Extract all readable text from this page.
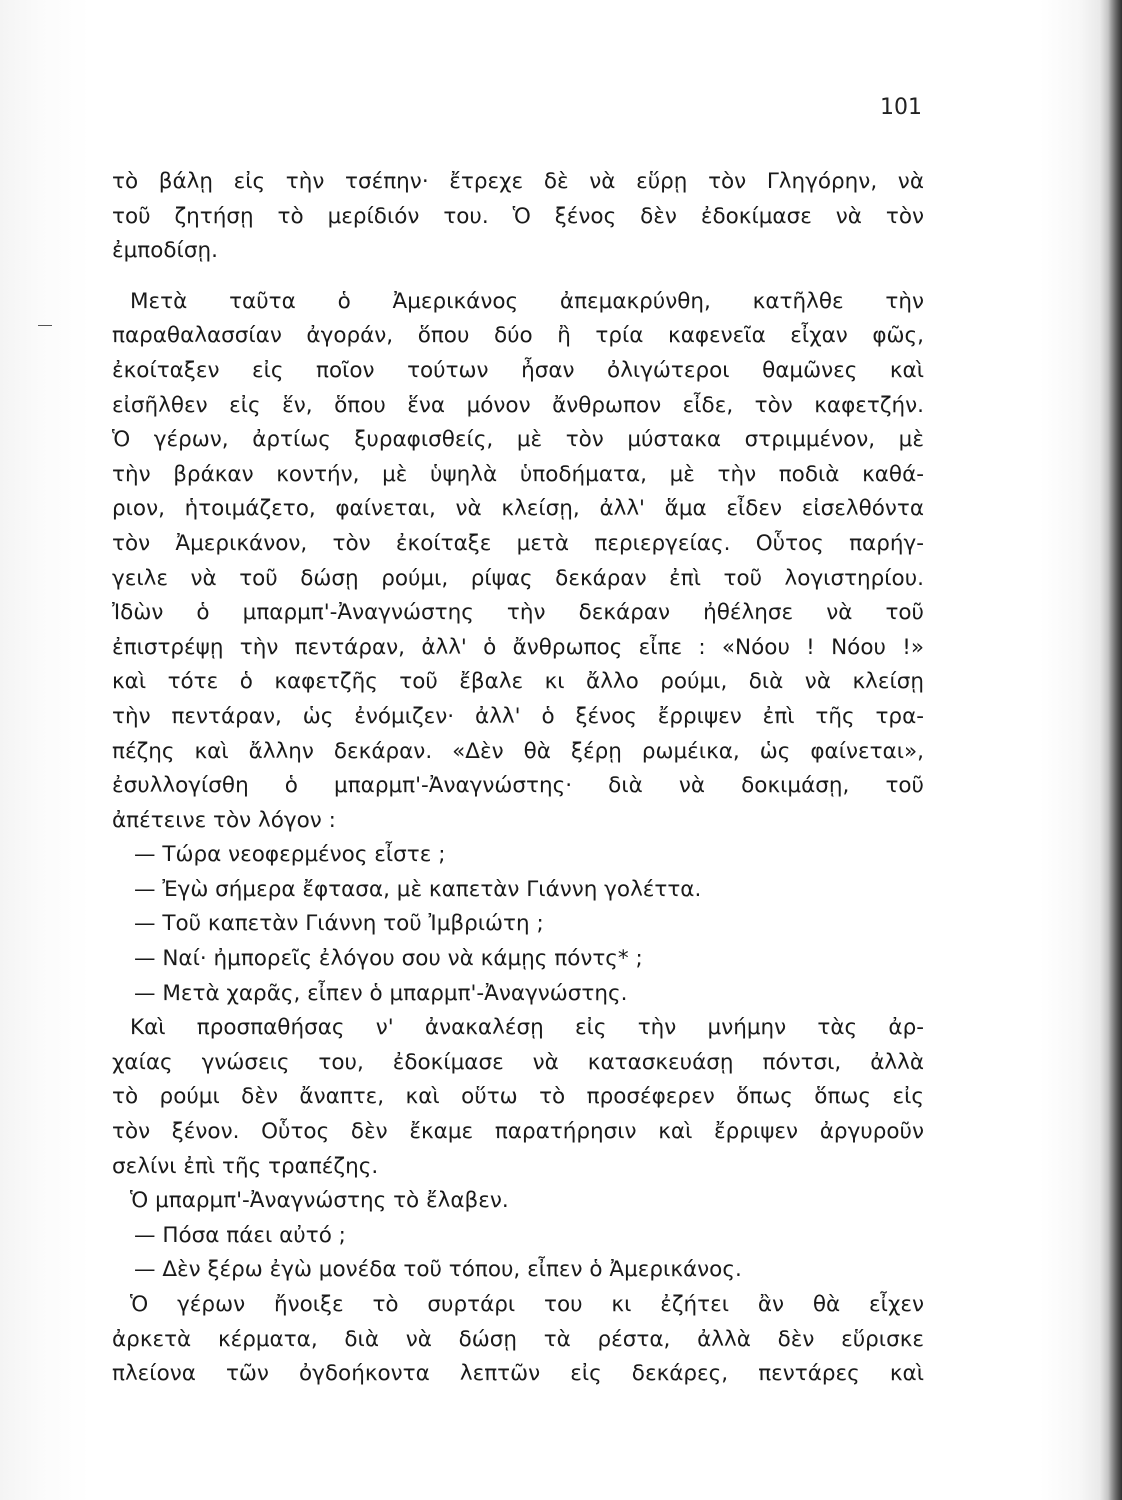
101
τὸ βάλῃ εἰς τὴν τσέπην· ἔτρεχε δὲ νὰ εὕρῃ τὸν Γληγόρην, νὰ
τοῦ ζητήσῃ τὸ μερίδιόν του. Ὁ ξένος δὲν ἐδοκίμασε νὰ τὸν
ἐμποδίσῃ.
Μετὰ ταῦτα ὁ Ἀμερικάνος ἀπεμακρύνθη, κατῆλθε τὴν
παραθαλασσίαν ἀγοράν, ὅπου δύο ἢ τρία καφενεῖα εἶχαν φῶς,
ἐκοίταξεν εἰς ποῖον τούτων ἦσαν ὀλιγώτεροι θαμῶνες καὶ
εἰσῆλθεν εἰς ἕν, ὅπου ἕνα μόνον ἄνθρωπον εἶδε, τὸν καφετζήν.
Ὁ γέρων, ἀρτίως ξυραφισθείς, μὲ τὸν μύστακα στριμμένον, μὲ
τὴν βράκαν κοντήν, μὲ ὑψηλὰ ὑποδήματα, μὲ τὴν ποδιὰ καθά-
ριον, ἡτοιμάζετο, φαίνεται, νὰ κλείσῃ, ἀλλ' ἅμα εἶδεν εἰσελθόντα
τὸν Ἀμερικάνον, τὸν ἐκοίταξε μετὰ περιεργείας. Οὗτος παρήγ-
γειλε νὰ τοῦ δώσῃ ρούμι, ρίψας δεκάραν ἐπὶ τοῦ λογιστηρίου.
Ἰδὼν ὁ μπαρμπ'-Ἀναγνώστης τὴν δεκάραν ἠθέλησε νὰ τοῦ
ἐπιστρέψῃ τὴν πεντάραν, ἀλλ' ὁ ἄνθρωπος εἶπε : «Νόου ! Νόου !»
καὶ τότε ὁ καφετζῆς τοῦ ἔβαλε κι ἄλλο ρούμι, διὰ νὰ κλείσῃ
τὴν πεντάραν, ὡς ἐνόμιζεν· ἀλλ' ὁ ξένος ἔρριψεν ἐπὶ τῆς τρα-
πέζης καὶ ἄλλην δεκάραν. «Δὲν θὰ ξέρῃ ρωμέικα, ὡς φαίνεται»,
ἐσυλλογίσθη ὁ μπαρμπ'-Ἀναγνώστης· διὰ νὰ δοκιμάσῃ, τοῦ
ἀπέτεινε τὸν λόγον :
— Τώρα νεοφερμένος εἶστε ;
— Ἐγὼ σήμερα ἔφτασα, μὲ καπετὰν Γιάννη γολέττα.
— Τοῦ καπετὰν Γιάννη τοῦ Ἰμβριώτη ;
— Ναί· ἠμπορεῖς ἐλόγου σου νὰ κάμῃς πόντς* ;
— Μετὰ χαρᾶς, εἶπεν ὁ μπαρμπ'-Ἀναγνώστης.
Καὶ προσπαθήσας ν' ἀνακαλέσῃ εἰς τὴν μνήμην τὰς ἀρ-
χαίας γνώσεις του, ἐδοκίμασε νὰ κατασκευάσῃ πόντσι, ἀλλὰ
τὸ ρούμι δὲν ἄναπτε, καὶ οὕτω τὸ προσέφερεν ὅπως ὅπως εἰς
τὸν ξένον. Οὗτος δὲν ἔκαμε παρατήρησιν καὶ ἔρριψεν ἀργυροῦν
σελίνι ἐπὶ τῆς τραπέζης.
Ὁ μπαρμπ'-Ἀναγνώστης τὸ ἔλαβεν.
— Πόσα πάει αὐτό ;
— Δὲν ξέρω ἐγὼ μονέδα τοῦ τόπου, εἶπεν ὁ Ἀμερικάνος.
Ὁ γέρων ἤνοιξε τὸ συρτάρι του κι ἐζήτει ἂν θὰ εἶχεν
ἀρκετὰ κέρματα, διὰ νὰ δώσῃ τὰ ρέστα, ἀλλὰ δὲν εὕρισκε
πλείονα τῶν ὀγδοήκοντα λεπτῶν εἰς δεκάρες, πεντάρες καὶ
